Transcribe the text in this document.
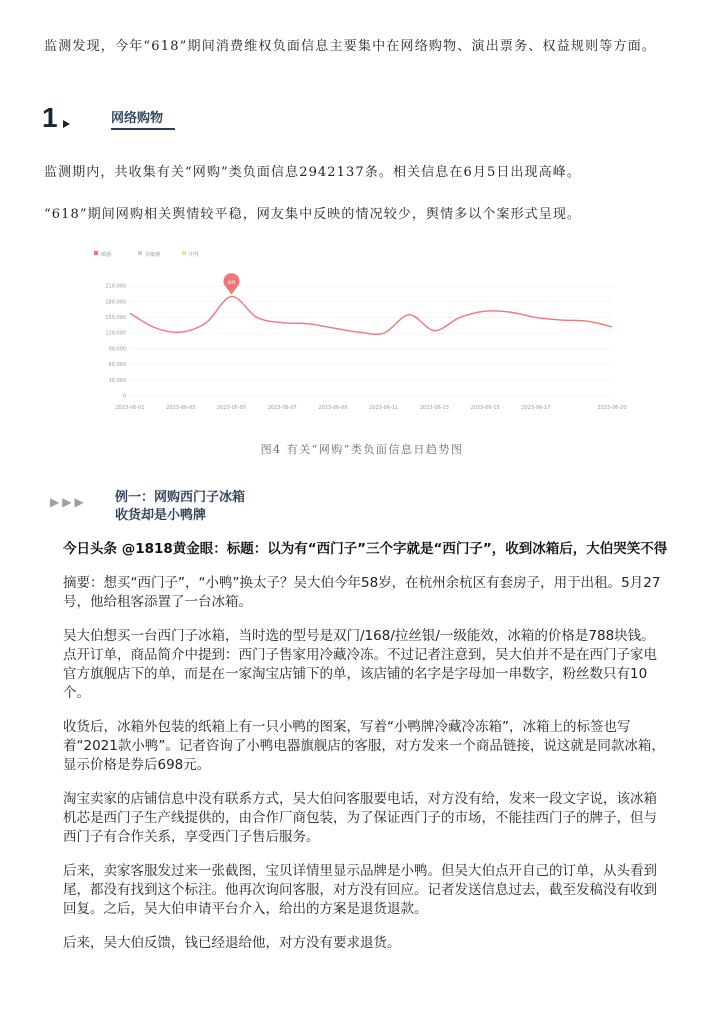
监测发现，今年“618”期间消费维权负面信息主要集中在网络购物、演出票务、权益规则等方面。

1	网络购物

监测期内，共收集有关“网购”类负面信息2942137条。相关信息在6月5日出现高峰。

“618”期间网购相关舆情较平稳，网友集中反映的情况较少，舆情多以个案形式呈现。

敏感	非敏感	中性
0
30,000
60,000
90,000
120,000
150,000
180,000
210,000
2023-06-01	2023-06-03	2023-06-05	2023-06-07	2023-06-09	2023-06-11	2023-06-13	2023-06-15	2023-06-17	2023-06-20
高峰
图4 有关“网购”类负面信息日趋势图
▶▶▶ 例一：网购西门子冰箱
收货却是小鸭牌

今日头条 @1818黄金眼：标题：以为有“西门子”三个字就是“西门子”，收到冰箱后，大伯哭笑不得

摘要：想买“西门子”，“小鸭”换太子？吴大伯今年58岁，在杭州余杭区有套房子，用于出租。5月27号，他给租客添置了一台冰箱。

吴大伯想买一台西门子冰箱，当时选的型号是双门/168/拉丝银/一级能效，冰箱的价格是788块钱。点开订单，商品简介中提到：西门子售家用冷藏冷冻。不过记者注意到，吴大伯并不是在西门子家电官方旗舰店下的单，而是在一家淘宝店铺下的单，该店铺的名字是字母加一串数字，粉丝数只有10个。

收货后，冰箱外包装的纸箱上有一只小鸭的图案，写着“小鸭牌冷藏冷冻箱”，冰箱上的标签也写着“2021款小鸭”。记者咨询了小鸭电器旗舰店的客服，对方发来一个商品链接，说这就是同款冰箱，显示价格是券后698元。

淘宝卖家的店铺信息中没有联系方式，吴大伯问客服要电话，对方没有给，发来一段文字说，该冰箱机芯是西门子生产线提供的，由合作厂商包装，为了保证西门子的市场，不能挂西门子的牌子，但与西门子有合作关系，享受西门子售后服务。

后来，卖家客服发过来一张截图，宝贝详情里显示品牌是小鸭。但吴大伯点开自己的订单，从头看到尾，都没有找到这个标注。他再次询问客服，对方没有回应。记者发送信息过去，截至发稿没有收到回复。之后，吴大伯申请平台介入，给出的方案是退货退款。

后来，吴大伯反馈，钱已经退给他，对方没有要求退货。
